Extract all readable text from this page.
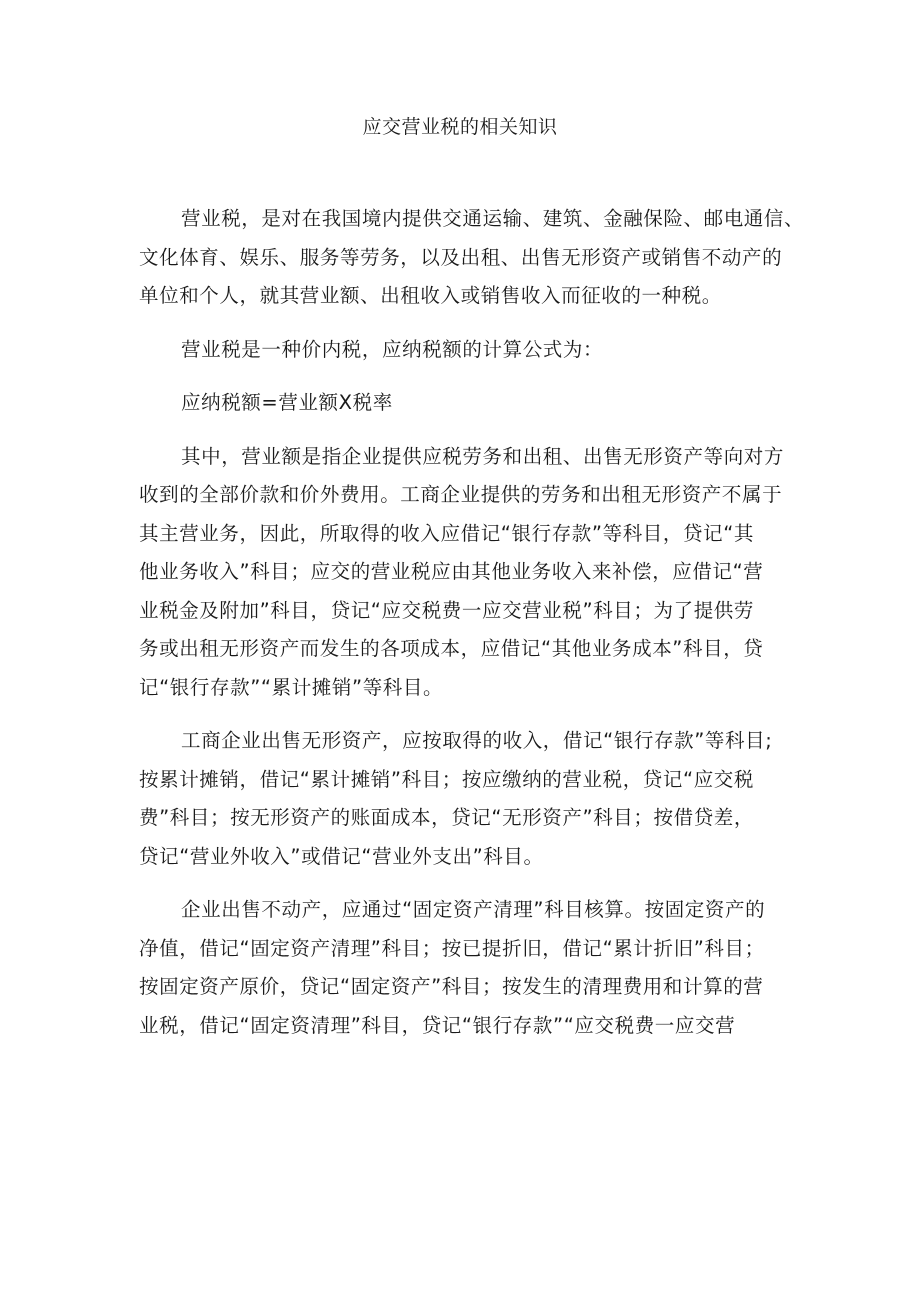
应交营业税的相关知识

营业税，是对在我国境内提供交通运输、建筑、金融保险、邮电通信、
文化体育、娱乐、服务等劳务，以及出租、出售无形资产或销售不动产的
单位和个人，就其营业额、出租收入或销售收入而征收的一种税。

营业税是一种价内税，应纳税额的计算公式为：

应纳税额=营业额X税率

其中，营业额是指企业提供应税劳务和出租、出售无形资产等向对方
收到的全部价款和价外费用。工商企业提供的劳务和出租无形资产不属于
其主营业务，因此，所取得的收入应借记“银行存款”等科目，贷记“其
他业务收入”科目；应交的营业税应由其他业务收入来补偿，应借记“营
业税金及附加”科目，贷记“应交税费一应交营业税”科目；为了提供劳
务或出租无形资产而发生的各项成本，应借记“其他业务成本”科目，贷
记“银行存款”“累计摊销”等科目。

工商企业出售无形资产，应按取得的收入，借记“银行存款”等科目;
按累计摊销，借记“累计摊销”科目；按应缴纳的营业税，贷记“应交税
费”科目；按无形资产的账面成本，贷记“无形资产”科目；按借贷差，
贷记“营业外收入”或借记“营业外支出”科目。

企业出售不动产，应通过“固定资产清理”科目核算。按固定资产的
净值，借记“固定资产清理”科目；按已提折旧，借记“累计折旧”科目；
按固定资产原价，贷记“固定资产”科目；按发生的清理费用和计算的营
业税，借记“固定资清理”科目，贷记“银行存款”“应交税费一应交营
